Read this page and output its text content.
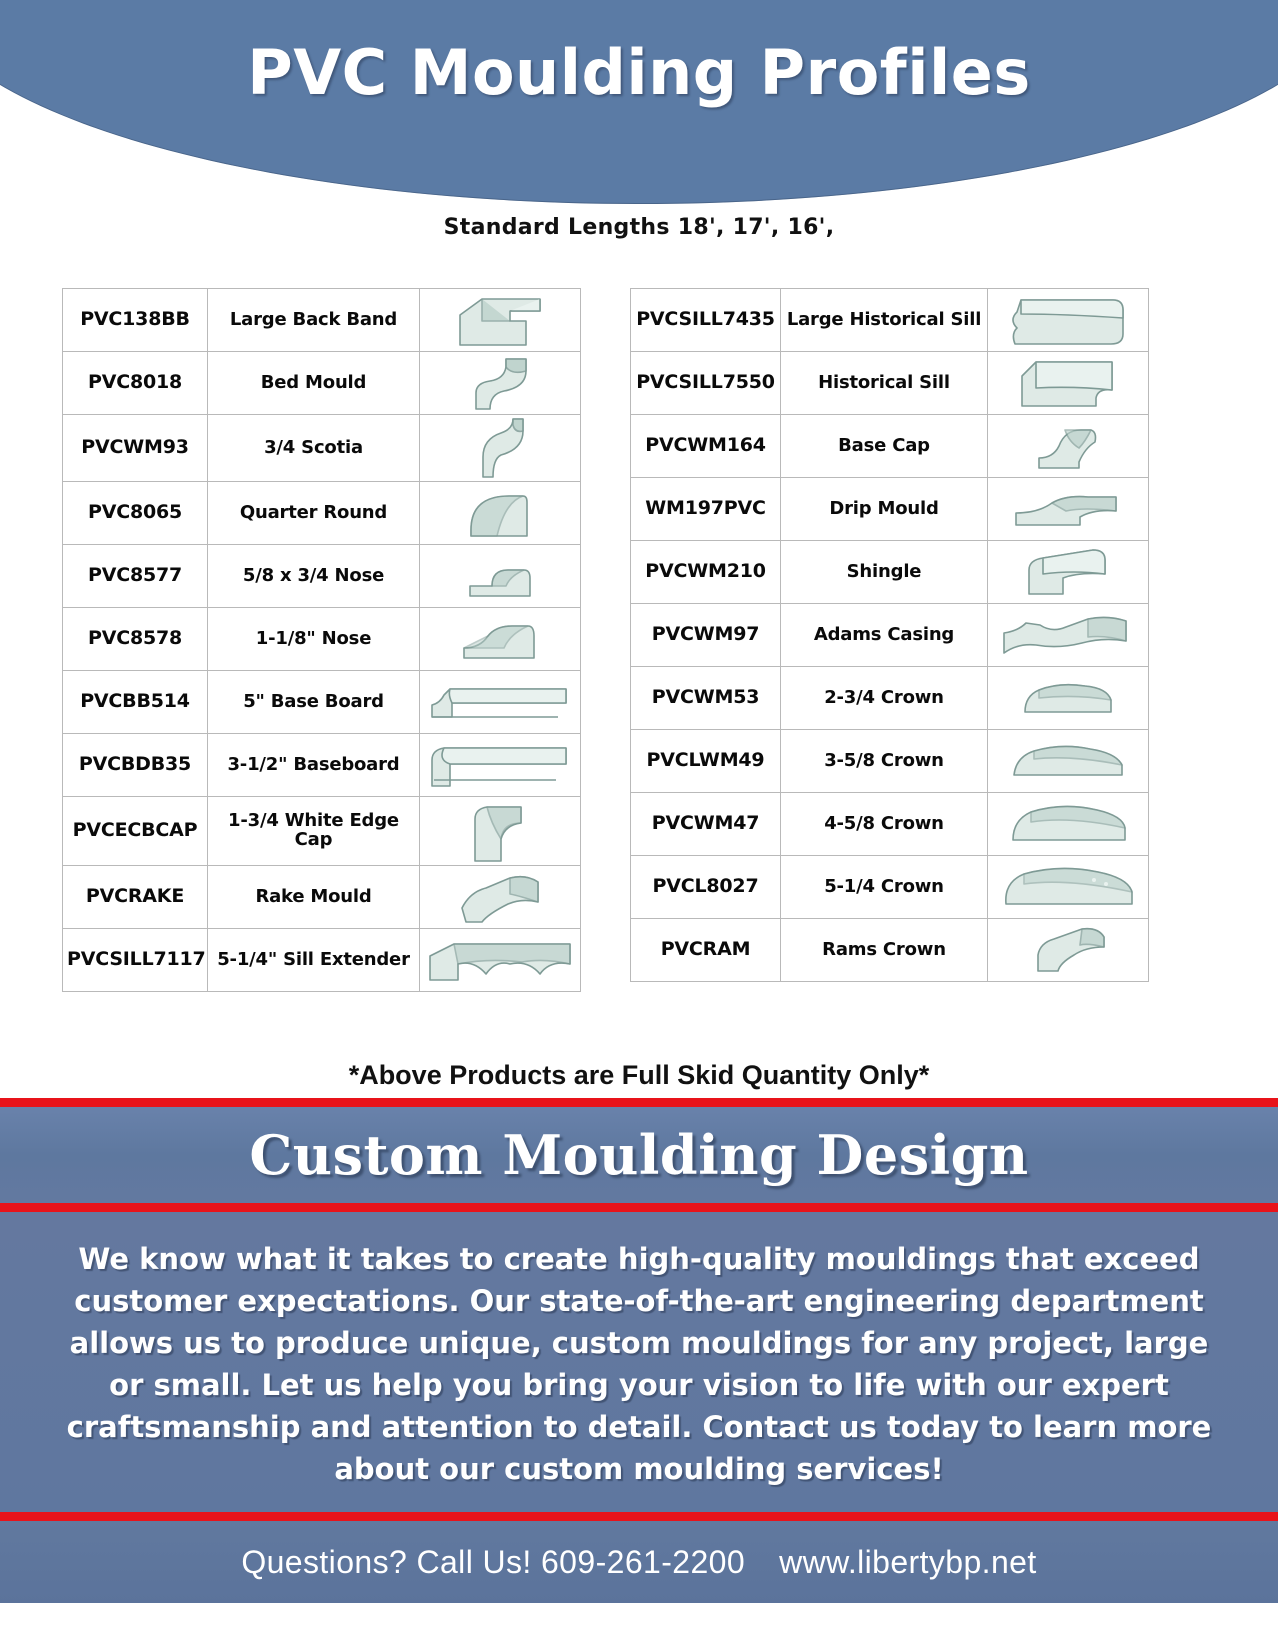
PVC Moulding Profiles
Standard Lengths 18', 17', 16',
PVC138BB	Large Back Band	
PVC8018	Bed Mould	
PVCWM93	3/4 Scotia	
PVC8065	Quarter Round	
PVC8577	5/8 x 3/4 Nose	
PVC8578	1-1/8" Nose	
PVCBB514	5" Base Board	
PVCBDB35	3-1/2" Baseboard	
PVCECBCAP	1-3/4 White Edge Cap	
PVCRAKE	Rake Mould	
PVCSILL7117	5-1/4" Sill Extender	
PVCSILL7435	Large Historical Sill	
PVCSILL7550	Historical Sill	
PVCWM164	Base Cap	
WM197PVC	Drip Mould	
PVCWM210	Shingle	
PVCWM97	Adams Casing	
PVCWM53	2-3/4 Crown	
PVCLWM49	3-5/8 Crown	
PVCWM47	4-5/8 Crown	
PVCL8027	5-1/4 Crown	
PVCRAM	Rams Crown	
*Above Products are Full Skid Quantity Only*
Custom Moulding Design
We know what it takes to create high-quality mouldings that exceed customer expectations. Our state-of-the-art engineering department allows us to produce unique, custom mouldings for any project, large or small. Let us help you bring your vision to life with our expert craftsmanship and attention to detail. Contact us today to learn more about our custom moulding services!
Questions? Call Us! 609-261-2200 www.libertybp.net
